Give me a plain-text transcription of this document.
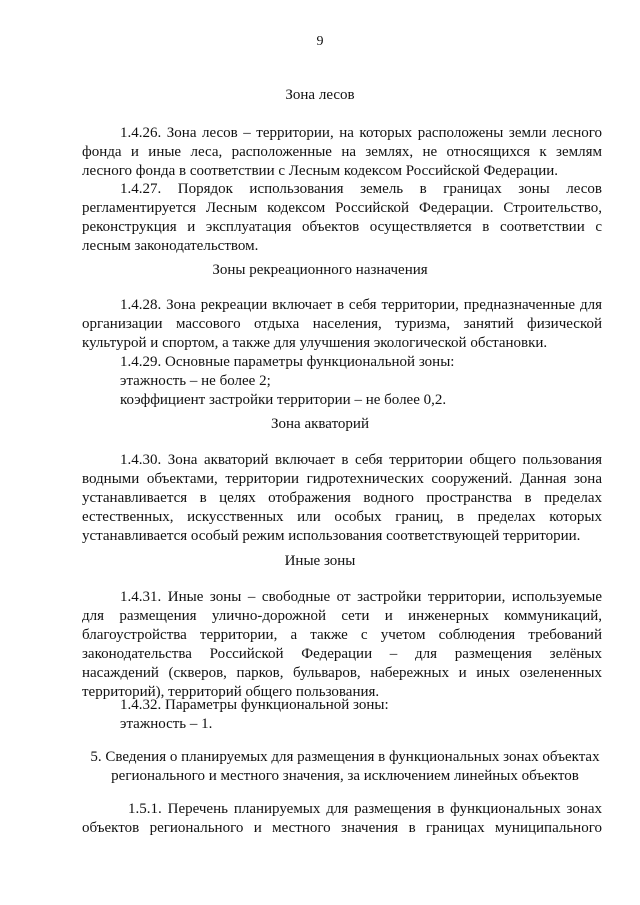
9
Зона лесов
1.4.26. Зона лесов – территории, на которых расположены земли лесного
фонда и иные леса, расположенные на землях, не относящихся к землям
лесного фонда в соответствии с Лесным кодексом Российской Федерации.
1.4.27. Порядок использования земель в границах зоны лесов
регламентируется Лесным кодексом Российской Федерации. Строительство,
реконструкция и эксплуатация объектов осуществляется в соответствии с
лесным законодательством.
Зоны рекреационного назначения
1.4.28. Зона рекреации включает в себя территории, предназначенные для
организации массового отдыха населения, туризма, занятий физической
культурой и спортом, а также для улучшения экологической обстановки.
1.4.29. Основные параметры функциональной зоны:
этажность – не более 2;
коэффициент застройки территории – не более 0,2.
Зона акваторий
1.4.30. Зона акваторий включает в себя территории общего пользования
водными объектами, территории гидротехнических сооружений. Данная зона
устанавливается в целях отображения водного пространства в пределах
естественных, искусственных или особых границ, в пределах которых
устанавливается особый режим использования соответствующей территории.
Иные зоны
1.4.31. Иные зоны – свободные от застройки территории, используемые
для размещения улично-дорожной сети и инженерных коммуникаций,
благоустройства территории, а также с учетом соблюдения требований
законодательства Российской Федерации – для размещения зелёных
насаждений (скверов, парков, бульваров, набережных и иных озелененных
территорий), территорий общего пользования.
1.4.32. Параметры функциональной зоны:
этажность – 1.
5. Сведения о планируемых для размещения в функциональных зонах объектах
регионального и местного значения, за исключением линейных объектов
1.5.1. Перечень планируемых для размещения в функциональных зонах
объектов регионального и местного значения в границах муниципального
